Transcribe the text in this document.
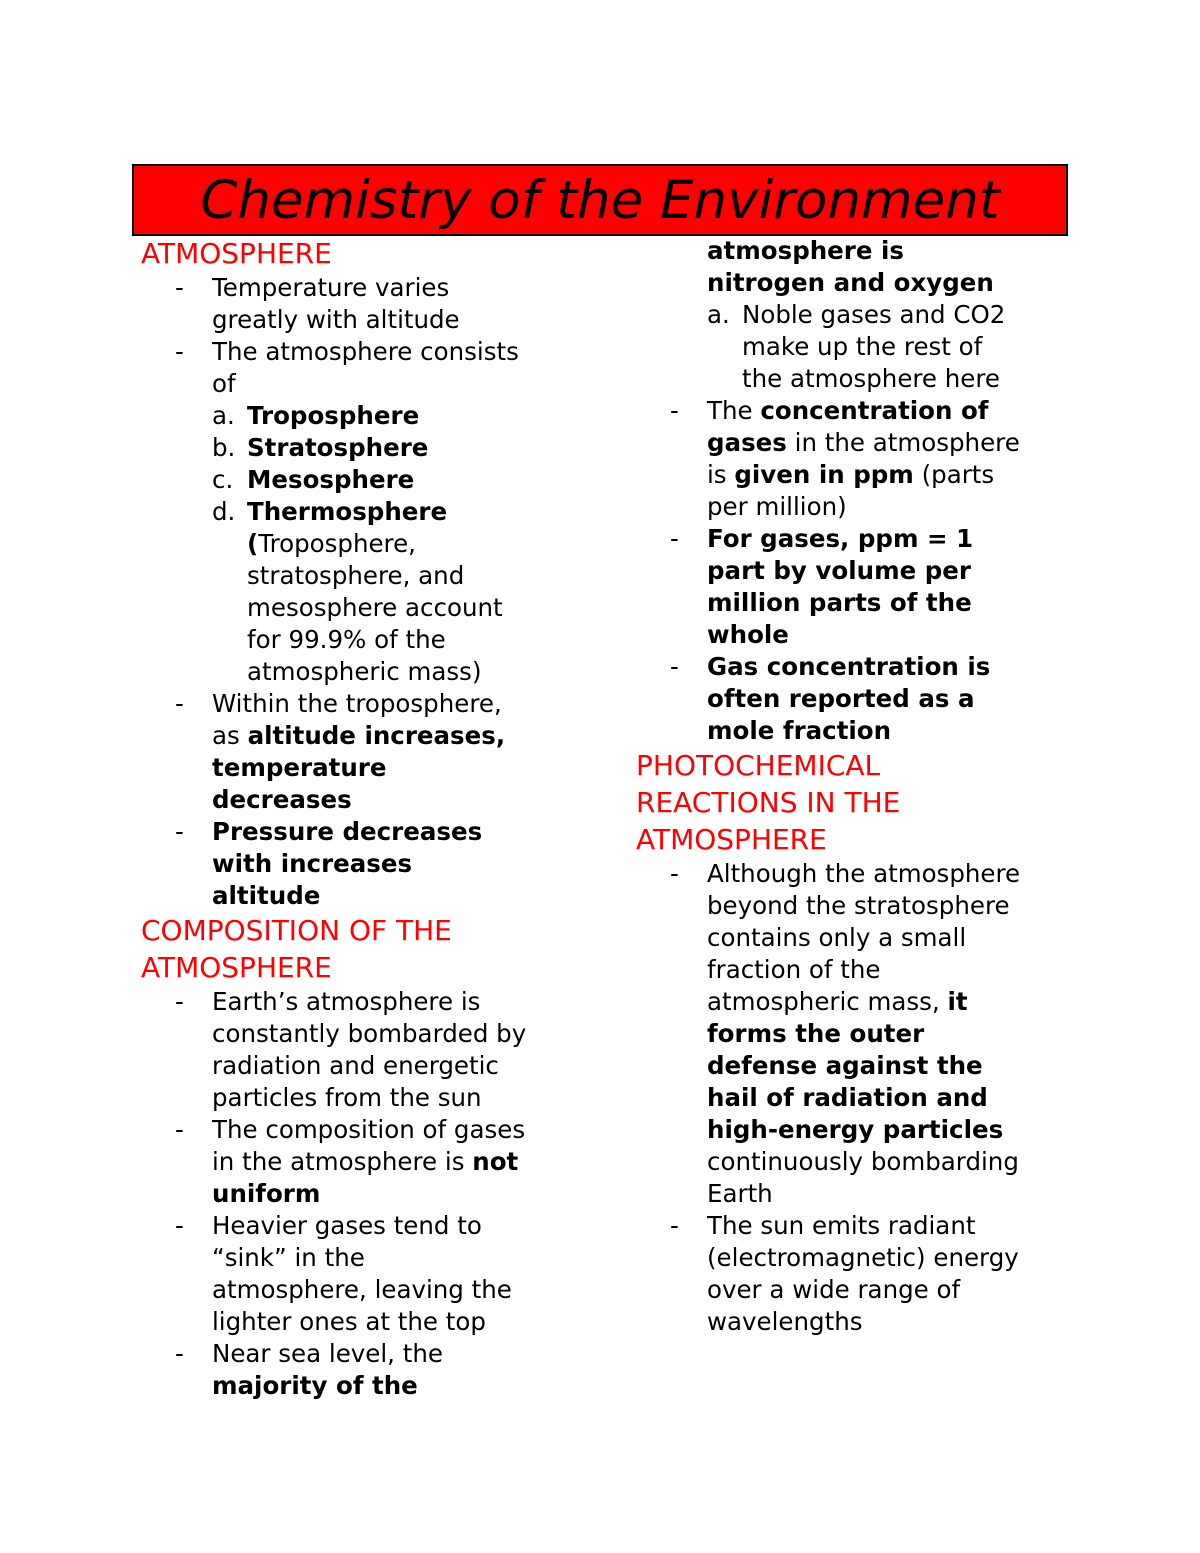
Chemistry of the Environment
ATMOSPHERE
- Temperature varies
greatly with altitude
- The atmosphere consists
of
a. Troposphere
b. Stratosphere
c. Mesosphere
d. Thermosphere
(Troposphere,
stratosphere, and
mesosphere account
for 99.9% of the
atmospheric mass)
- Within the troposphere,
as altitude increases,
temperature
decreases
- Pressure decreases
with increases
altitude
COMPOSITION OF THE
ATMOSPHERE
- Earth’s atmosphere is
constantly bombarded by
radiation and energetic
particles from the sun
- The composition of gases
in the atmosphere is not
uniform
- Heavier gases tend to
“sink” in the
atmosphere, leaving the
lighter ones at the top
- Near sea level, the
majority of the
atmosphere is
nitrogen and oxygen
a. Noble gases and CO2
make up the rest of
the atmosphere here
- The concentration of
gases in the atmosphere
is given in ppm (parts
per million)
- For gases, ppm = 1
part by volume per
million parts of the
whole
- Gas concentration is
often reported as a
mole fraction
PHOTOCHEMICAL
REACTIONS IN THE
ATMOSPHERE
- Although the atmosphere
beyond the stratosphere
contains only a small
fraction of the
atmospheric mass, it
forms the outer
defense against the
hail of radiation and
high-energy particles
continuously bombarding
Earth
- The sun emits radiant
(electromagnetic) energy
over a wide range of
wavelengths
